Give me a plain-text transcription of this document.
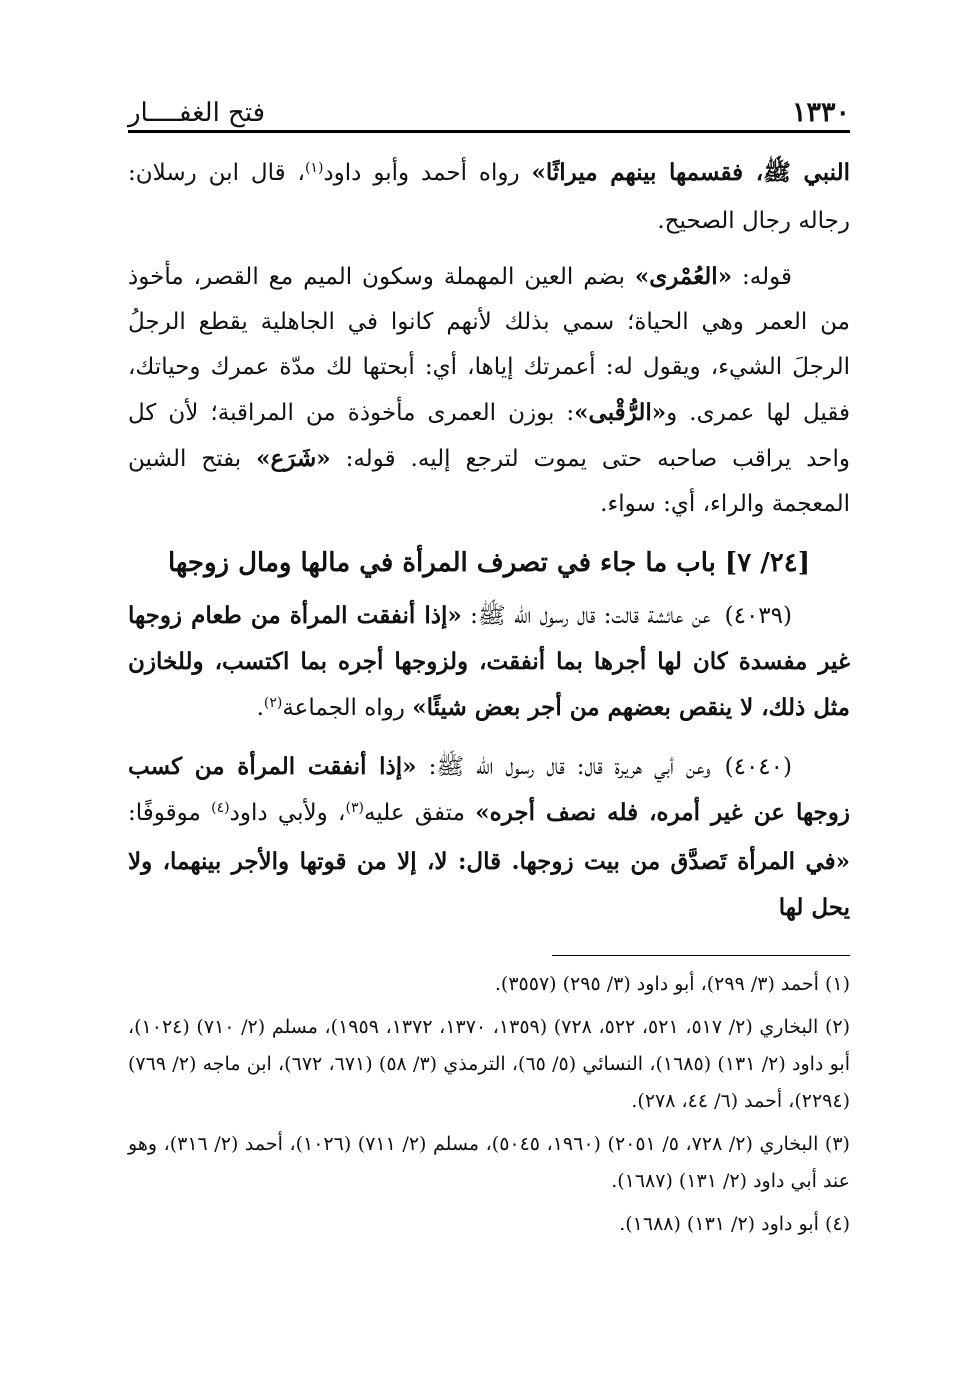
١٣٣٠
فتح الغفــــار

النبي ﷺ، فقسمها بينهم ميراثًا» رواه أحمد وأبو داود$^{(١)}$، قال ابن رسلان: رجاله رجال الصحيح.

قوله: «العُمْرى» بضم العين المهملة وسكون الميم مع القصر، مأخوذ من العمر وهي الحياة؛ سمي بذلك لأنهم كانوا في الجاهلية يقطع الرجلُ الرجلَ الشيء، ويقول له: أعمرتك إياها، أي: أبحتها لك مدّة عمرك وحياتك، فقيل لها عمرى. و«الرُّقْبى»: بوزن العمرى مأخوذة من المراقبة؛ لأن كل واحد يراقب صاحبه حتى يموت لترجع إليه. قوله: «شَرَع» بفتح الشين المعجمة والراء، أي: سواء.

[٢٤/ ٧] باب ما جاء في تصرف المرأة في مالها ومال زوجها

(٤٠٣٩)عن عائشة قالت: قال رسول الله ﷺ: «إذا أنفقت المرأة من طعام زوجها غير مفسدة كان لها أجرها بما أنفقت، ولزوجها أجره بما اكتسب، وللخازن مثل ذلك، لا ينقص بعضهم من أجر بعض شيئًا» رواه الجماعة$^{(٢)}$.

(٤٠٤٠)وعن أبي هريرة قال: قال رسول الله ﷺ: «إذا أنفقت المرأة من كسب زوجها عن غير أمره، فله نصف أجره» متفق عليه$^{(٣)}$، ولأبي داود$^{(٤)}$ موقوفًا: «في المرأة تَصدَّق من بيت زوجها. قال: لا، إلا من قوتها والأجر بينهما، ولا يحل لها

(١) أحمد (٣/ ٢٩٩)، أبو داود (٣/ ٢٩٥) (٣٥٥٧).

(٢) البخاري (٢/ ٥١٧، ٥٢١، ٥٢٢، ٧٢٨) (١٣٥٩، ١٣٧٠، ١٣٧٢، ١٩٥٩)، مسلم (٢/ ٧١٠) (١٠٢٤)، أبو داود (٢/ ١٣١) (١٦٨٥)، النسائي (٥/ ٦٥)، الترمذي (٣/ ٥٨) (٦٧١، ٦٧٢)، ابن ماجه (٢/ ٧٦٩) (٢٢٩٤)، أحمد (٦/ ٤٤، ٢٧٨).

(٣) البخاري (٢/ ٧٢٨، ٥/ ٢٠٥١) (١٩٦٠، ٥٠٤٥)، مسلم (٢/ ٧١١) (١٠٢٦)، أحمد (٢/ ٣١٦)، وهو عند أبي داود (٢/ ١٣١) (١٦٨٧).

(٤) أبو داود (٢/ ١٣١) (١٦٨٨).
